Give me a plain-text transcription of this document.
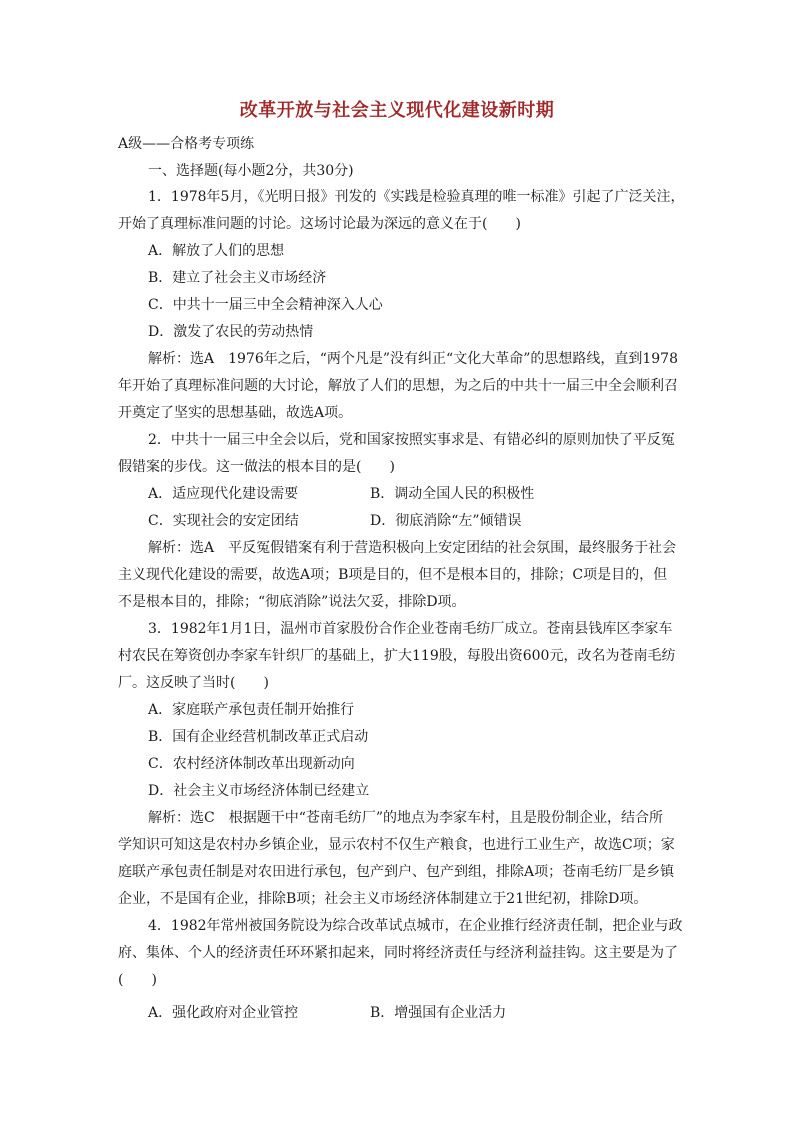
改革开放与社会主义现代化建设新时期
A级——合格考专项练
一、选择题(每小题2分，共30分)
1．1978年5月，《光明日报》刊发的《实践是检验真理的唯一标准》引起了广泛关注，
开始了真理标准问题的讨论。这场讨论最为深远的意义在于(　　)
A．解放了人们的思想
B．建立了社会主义市场经济
C．中共十一届三中全会精神深入人心
D．激发了农民的劳动热情
解析：选A　1976年之后，“两个凡是”没有纠正“文化大革命”的思想路线，直到1978
年开始了真理标准问题的大讨论，解放了人们的思想，为之后的中共十一届三中全会顺利召
开奠定了坚实的思想基础，故选A项。
2．中共十一届三中全会以后，党和国家按照实事求是、有错必纠的原则加快了平反冤
假错案的步伐。这一做法的根本目的是(　　)
A．适应现代化建设需要	B．调动全国人民的积极性
C．实现社会的安定团结	D．彻底消除“左”倾错误
解析：选A　平反冤假错案有利于营造积极向上安定团结的社会氛围，最终服务于社会
主义现代化建设的需要，故选A项；B项是目的，但不是根本目的，排除；C项是目的，但
不是根本目的，排除；“彻底消除”说法欠妥，排除D项。
3．1982年1月1日，温州市首家股份合作企业苍南毛纺厂成立。苍南县钱库区李家车
村农民在筹资创办李家车针织厂的基础上，扩大119股，每股出资600元，改名为苍南毛纺
厂。这反映了当时(　　)
A．家庭联产承包责任制开始推行
B．国有企业经营机制改革正式启动
C．农村经济体制改革出现新动向
D．社会主义市场经济体制已经建立
解析：选C　根据题干中“苍南毛纺厂”的地点为李家车村，且是股份制企业，结合所
学知识可知这是农村办乡镇企业，显示农村不仅生产粮食，也进行工业生产，故选C项；家
庭联产承包责任制是对农田进行承包，包产到户、包产到组，排除A项；苍南毛纺厂是乡镇
企业，不是国有企业，排除B项；社会主义市场经济体制建立于21世纪初，排除D项。
4．1982年常州被国务院设为综合改革试点城市，在企业推行经济责任制，把企业与政
府、集体、个人的经济责任环环紧扣起来，同时将经济责任与经济利益挂钩。这主要是为了
(　　)
A．强化政府对企业管控	B．增强国有企业活力
